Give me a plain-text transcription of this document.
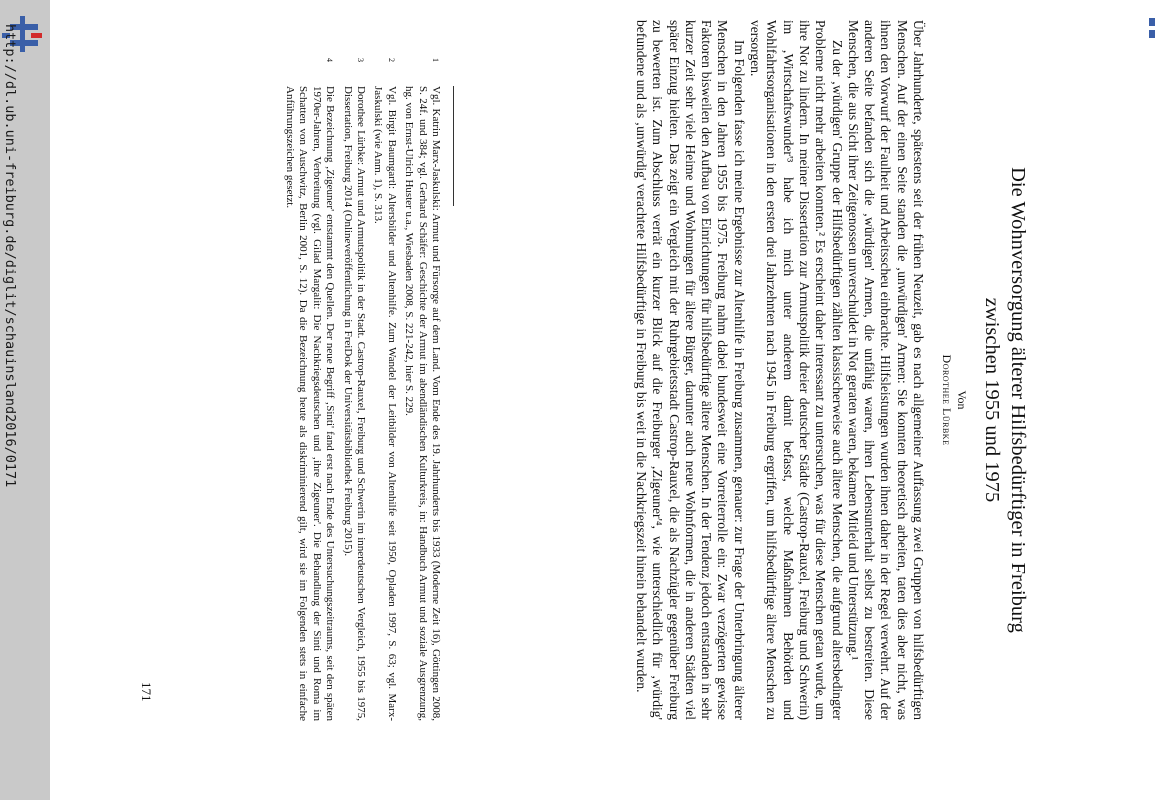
http://dl.ub.uni-freiburg.de/diglit/schauinsland2016/0171	Die Wohnversorgung älterer Hilfsbedürftiger in Freiburg
zwischen 1955 und 1975
Von
Dorothee Lürbke

Über Jahrhunderte, spätestens seit der frühen Neuzeit, gab es nach allgemeiner Auffassung zwei Gruppen von hilfsbedürftigen Menschen. Auf der einen Seite standen die ‚unwürdigen' Armen: Sie konnten theoretisch arbeiten, taten dies aber nicht, was ihnen den Vorwurf der Faulheit und Arbeitsscheu einbrachte. Hilfsleistungen wurden ihnen daher in der Regel verwehrt. Auf der anderen Seite befanden sich die ‚würdigen' Armen, die unfähig waren, ihren Lebensunterhalt selbst zu bestreiten. Diese Menschen, die aus Sicht ihrer Zeitgenossen unverschuldet in Not geraten waren, bekamen Mitleid und Unterstützung.¹

Zu der ‚würdigen' Gruppe der Hilfsbedürftigen zählten klassischerweise auch ältere Menschen, die aufgrund altersbedingter Probleme nicht mehr arbeiten konnten.² Es erscheint daher interessant zu untersuchen, was für diese Menschen getan wurde, um ihre Not zu lindern. In meiner Dissertation zur Armutspolitik dreier deutscher Städte (Castrop-Rauxel, Freiburg und Schwerin) im ‚Wirtschaftswunder'³ habe ich mich unter anderem damit befasst, welche Maßnahmen Behörden und Wohlfahrtsorganisationen in den ersten drei Jahrzehnten nach 1945 in Freiburg ergriffen, um hilfsbedürftige ältere Menschen zu versorgen.

Im Folgenden fasse ich meine Ergebnisse zur Altenhilfe in Freiburg zusammen, genauer: zur Frage der Unterbringung älterer Menschen in den Jahren 1955 bis 1975. Freiburg nahm dabei bundesweit eine Vorreiterrolle ein: Zwar verzögerten gewisse Faktoren bisweilen den Aufbau von Einrichtungen für hilfsbedürftige ältere Menschen. In der Tendenz jedoch entstanden in sehr kurzer Zeit sehr viele Heime und Wohnungen für ältere Bürger, darunter auch neue Wohnformen, die in anderen Städten viel später Einzug hielten. Das zeigt ein Vergleich mit der Ruhrgebietsstadt Castrop-Rauxel, die als Nachzügler gegenüber Freiburg zu bewerten ist. Zum Abschluss verrät ein kurzer Blick auf die Freiburger ‚Zigeuner'⁴, wie unterschiedlich für ‚würdig' befundene und als ‚unwürdig' verachtete Hilfsbedürftige in Freiburg bis weit in die Nachkriegszeit hinein behandelt wurden.

1
Vgl. Katrin Marx-Jaskulski: Armut und Fürsorge auf dem Land. Vom Ende des 19. Jahrhunderts bis 1933 (Moderne Zeit 16), Göttingen 2008, S. 24f. und 384; vgl. Gerhard Schäfer: Geschichte der Armut im abendländischen Kulturkreis, in: Handbuch Armut und soziale Ausgrenzung, hg. von Ernst-Ulrich Huster u.a., Wiesbaden 2008, S. 221-242, hier S. 229.
2
Vgl. Birgit Baumgartl: Altersbilder und Altenhilfe. Zum Wandel der Leitbilder von Altenhilfe seit 1950, Opladen 1997, S. 63; vgl. Marx-Jaskulski (wie Anm. 1), S. 313.
3
Dorothee Lürbke: Armut und Armutspolitik in der Stadt. Castrop-Rauxel, Freiburg und Schwerin im innerdeutschen Vergleich, 1955 bis 1975, Dissertation, Freiburg 2014 (Onlineveröffentlichung in FreiDok der Universitätsbibliothek Freiburg 2015).
4
Die Bezeichnung ‚Zigeuner' entstammt den Quellen. Der neue Begriff ‚Sinti' fand erst nach Ende des Untersuchungszeitraums, seit den späten 1970er-Jahren, Verbreitung (vgl. Gilad Margalit: Die Nachkriegsdeutschen und ‚ihre Zigeuner'. Die Behandlung der Sinti und Roma im Schatten von Auschwitz, Berlin 2001, S. 12). Da die Bezeichnung heute als diskriminierend gilt, wird sie im Folgenden stets in einfache Anführungszeichen gesetzt.
171
